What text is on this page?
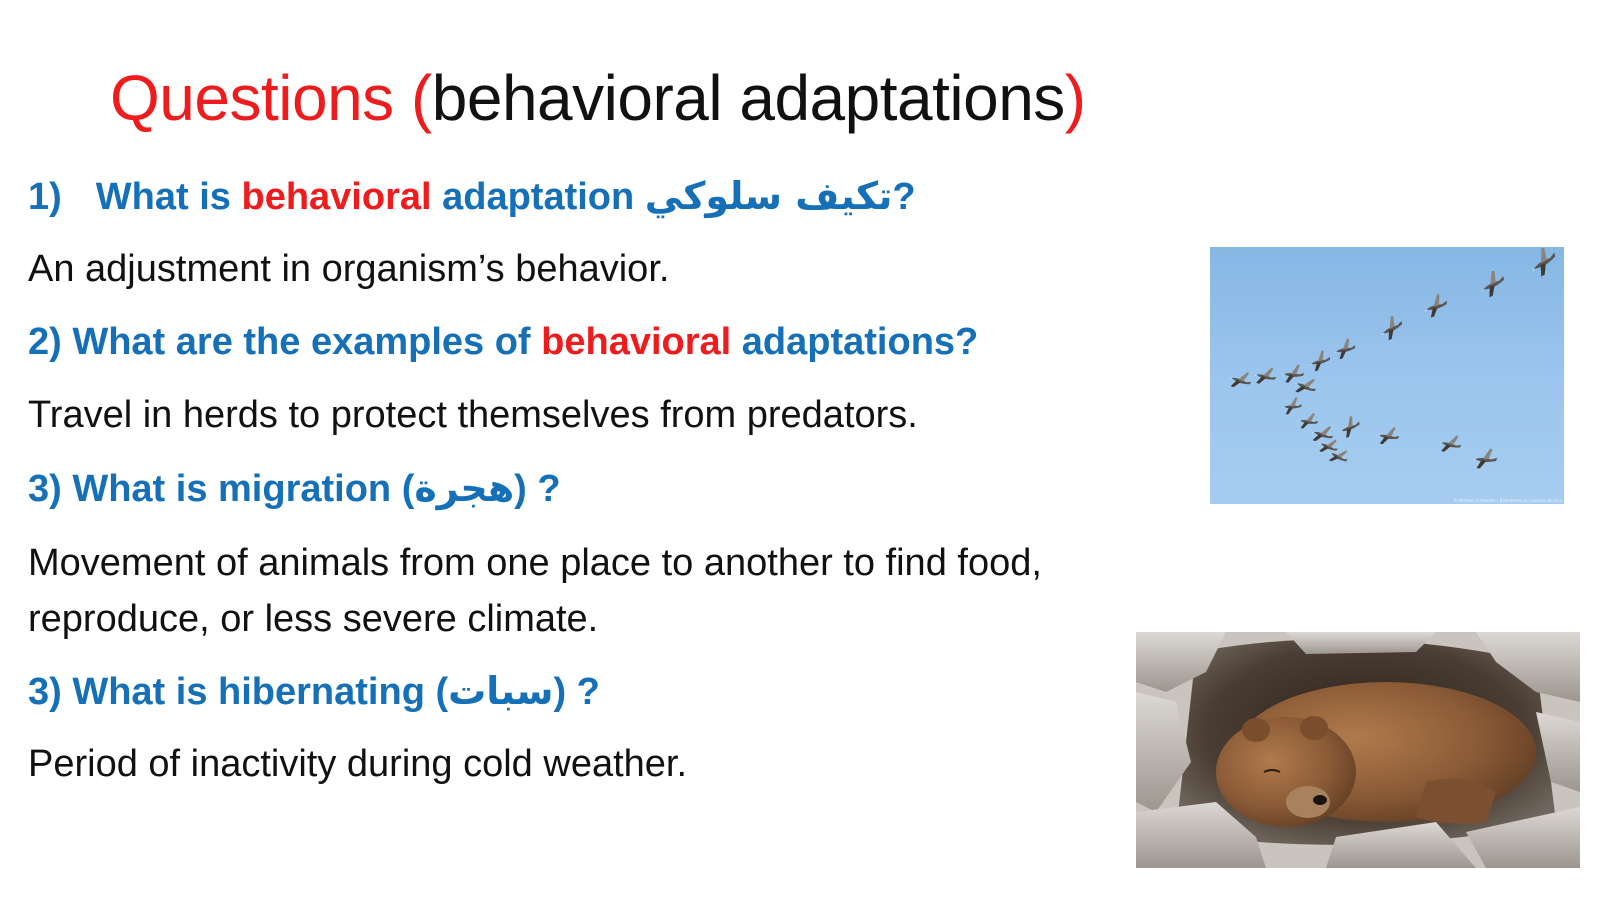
Questions (behavioral adaptations)
1) What is behavioral adaptation تكيف سلوكي?
An adjustment in organism’s behavior.
2) What are the examples of behavioral adaptations?
Travel in herds to protect themselves from predators.
3) What is migration (هجرة) ?
Movement of animals from one place to another to find food,
reproduce, or less severe climate.
3) What is hibernating (سبات) ?
Period of inactivity during cold weather.
© Michael Schroeder / Rebelhorse.ru / picture alliance
